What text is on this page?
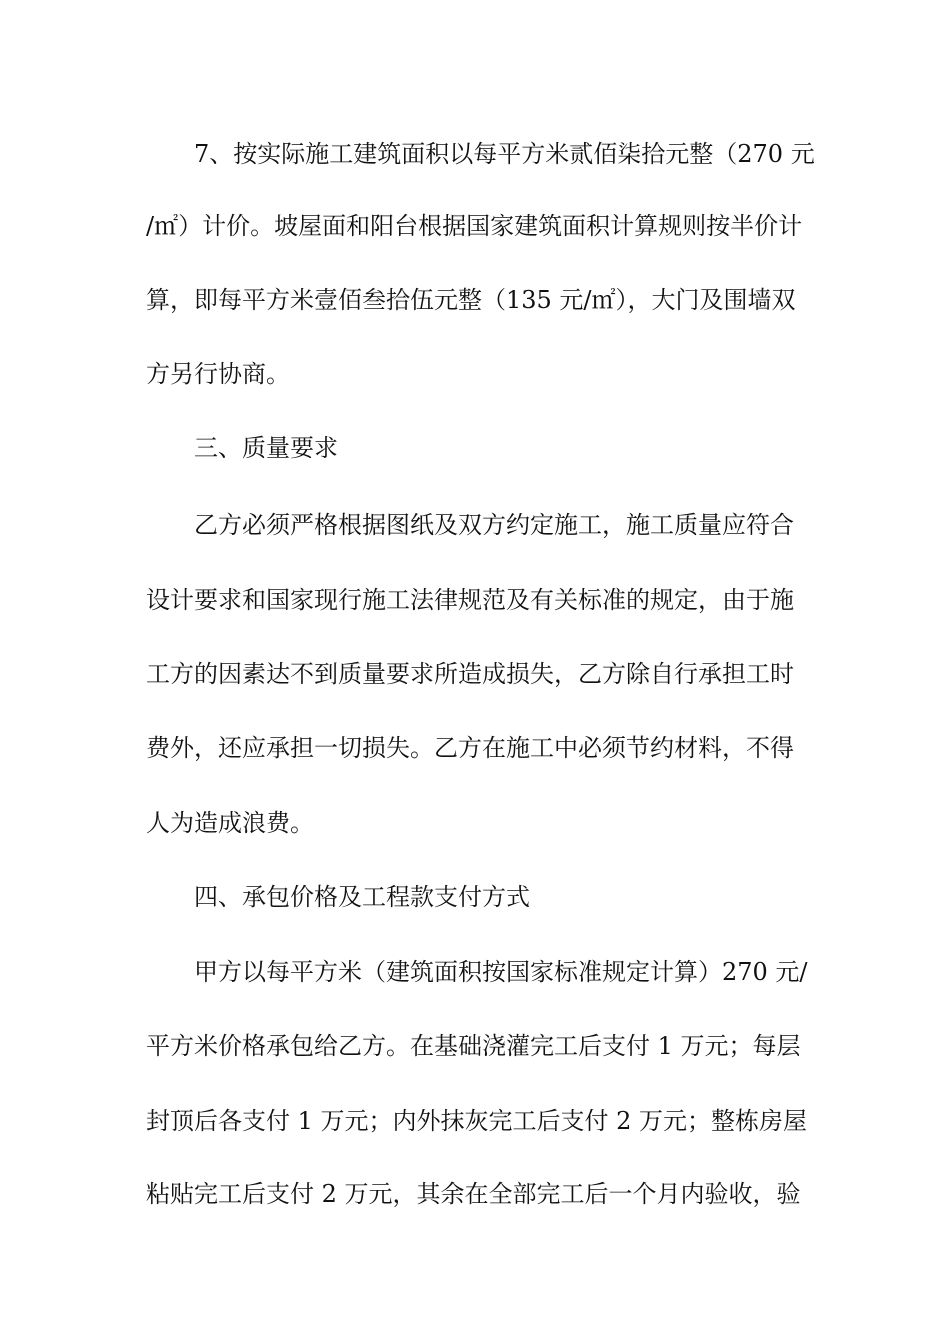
7、按实际施工建筑面积以每平方米贰佰柒拾元整（270 元
/㎡）计价。坡屋面和阳台根据国家建筑面积计算规则按半价计
算，即每平方米壹佰叁拾伍元整（135 元/㎡），大门及围墙双
方另行协商。
三、质量要求
乙方必须严格根据图纸及双方约定施工，施工质量应符合
设计要求和国家现行施工法律规范及有关标准的规定，由于施
工方的因素达不到质量要求所造成损失，乙方除自行承担工时
费外，还应承担一切损失。乙方在施工中必须节约材料，不得
人为造成浪费。
四、承包价格及工程款支付方式
甲方以每平方米（建筑面积按国家标准规定计算）270 元/
平方米价格承包给乙方。在基础浇灌完工后支付 1 万元；每层
封顶后各支付 1 万元；内外抹灰完工后支付 2 万元；整栋房屋
粘贴完工后支付 2 万元，其余在全部完工后一个月内验收，验
